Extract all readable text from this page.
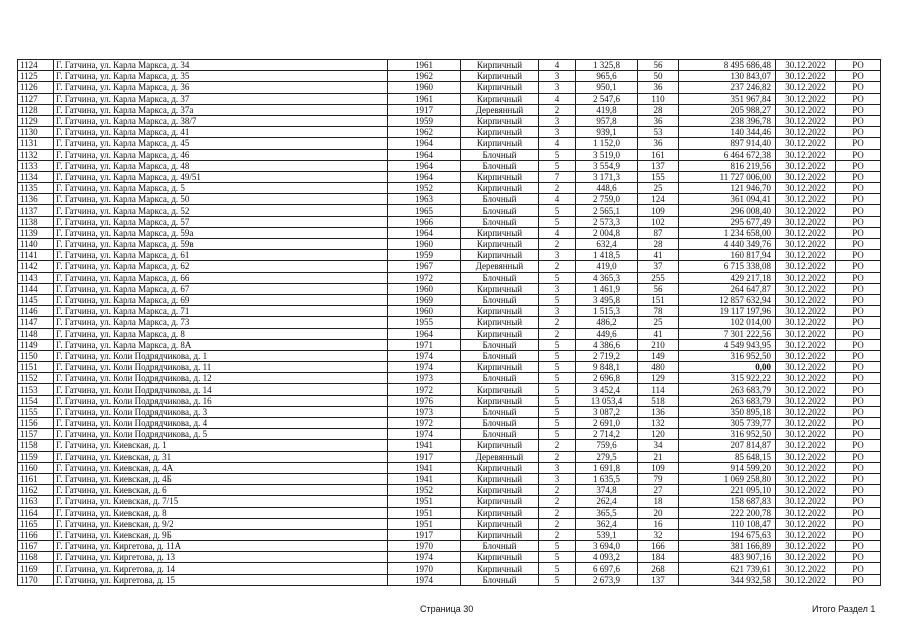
1124	Г. Гатчина, ул. Карла Маркса, д. 34	1961	Кирпичный	4	1 325,8	56	8 495 686,48	30.12.2022	РО
1125	Г. Гатчина, ул. Карла Маркса, д. 35	1962	Кирпичный	3	965,6	50	130 843,07	30.12.2022	РО
1126	Г. Гатчина, ул. Карла Маркса, д. 36	1960	Кирпичный	3	950,1	36	237 246,82	30.12.2022	РО
1127	Г. Гатчина, ул. Карла Маркса, д. 37	1961	Кирпичный	4	2 547,6	110	351 967,84	30.12.2022	РО
1128	Г. Гатчина, ул. Карла Маркса, д. 37а	1917	Деревянный	2	419,8	28	205 988,27	30.12.2022	РО
1129	Г. Гатчина, ул. Карла Маркса, д. 38/7	1959	Кирпичный	3	957,8	36	238 396,78	30.12.2022	РО
1130	Г. Гатчина, ул. Карла Маркса, д. 41	1962	Кирпичный	3	939,1	53	140 344,46	30.12.2022	РО
1131	Г. Гатчина, ул. Карла Маркса, д. 45	1964	Кирпичный	4	1 152,0	36	897 914,40	30.12.2022	РО
1132	Г. Гатчина, ул. Карла Маркса, д. 46	1964	Блочный	5	3 519,0	161	6 464 672,38	30.12.2022	РО
1133	Г. Гатчина, ул. Карла Маркса, д. 48	1964	Блочный	5	3 554,9	137	816 219,56	30.12.2022	РО
1134	Г. Гатчина, ул. Карла Маркса, д. 49/51	1964	Кирпичный	7	3 171,3	155	11 727 006,00	30.12.2022	РО
1135	Г. Гатчина, ул. Карла Маркса, д. 5	1952	Кирпичный	2	448,6	25	121 946,70	30.12.2022	РО
1136	Г. Гатчина, ул. Карла Маркса, д. 50	1963	Блочный	4	2 759,0	124	361 094,41	30.12.2022	РО
1137	Г. Гатчина, ул. Карла Маркса, д. 52	1965	Блочный	5	2 565,1	109	296 008,40	30.12.2022	РО
1138	Г. Гатчина, ул. Карла Маркса, д. 57	1966	Блочный	5	2 573,3	102	295 677,49	30.12.2022	РО
1139	Г. Гатчина, ул. Карла Маркса, д. 59а	1964	Кирпичный	4	2 004,8	87	1 234 658,00	30.12.2022	РО
1140	Г. Гатчина, ул. Карла Маркса, д. 59в	1960	Кирпичный	2	632,4	28	4 440 349,76	30.12.2022	РО
1141	Г. Гатчина, ул. Карла Маркса, д. 61	1959	Кирпичный	3	1 418,5	41	160 817,94	30.12.2022	РО
1142	Г. Гатчина, ул. Карла Маркса, д. 62	1967	Деревянный	2	419,0	37	6 715 338,08	30.12.2022	РО
1143	Г. Гатчина, ул. Карла Маркса, д. 66	1972	Блочный	5	4 365,3	255	429 217,18	30.12.2022	РО
1144	Г. Гатчина, ул. Карла Маркса, д. 67	1960	Кирпичный	3	1 461,9	56	264 647,87	30.12.2022	РО
1145	Г. Гатчина, ул. Карла Маркса, д. 69	1969	Блочный	5	3 495,8	151	12 857 632,94	30.12.2022	РО
1146	Г. Гатчина, ул. Карла Маркса, д. 71	1960	Кирпичный	3	1 515,3	78	19 117 197,96	30.12.2022	РО
1147	Г. Гатчина, ул. Карла Маркса, д. 73	1955	Кирпичный	2	486,2	25	102 014,00	30.12.2022	РО
1148	Г. Гатчина, ул. Карла Маркса, д. 8	1964	Кирпичный	2	449,6	41	7 301 222,56	30.12.2022	РО
1149	Г. Гатчина, ул. Карла Маркса, д. 8А	1971	Блочный	5	4 386,6	210	4 549 943,95	30.12.2022	РО
1150	Г. Гатчина, ул. Коли Подрядчикова, д. 1	1974	Блочный	5	2 719,2	149	316 952,50	30.12.2022	РО
1151	Г. Гатчина, ул. Коли Подрядчикова, д. 11	1974	Кирпичный	5	9 848,1	480	0,00	30.12.2022	РО
1152	Г. Гатчина, ул. Коли Подрядчикова, д. 12	1973	Блочный	5	2 696,8	129	315 922,22	30.12.2022	РО
1153	Г. Гатчина, ул. Коли Подрядчикова, д. 14	1972	Кирпичный	5	3 452,4	114	263 683,79	30.12.2022	РО
1154	Г. Гатчина, ул. Коли Подрядчикова, д. 16	1976	Кирпичный	5	13 053,4	518	263 683,79	30.12.2022	РО
1155	Г. Гатчина, ул. Коли Подрядчикова, д. 3	1973	Блочный	5	3 087,2	136	350 895,18	30.12.2022	РО
1156	Г. Гатчина, ул. Коли Подрядчикова, д. 4	1972	Блочный	5	2 691,0	132	305 739,77	30.12.2022	РО
1157	Г. Гатчина, ул. Коли Подрядчикова, д. 5	1974	Блочный	5	2 714,2	120	316 952,50	30.12.2022	РО
1158	Г. Гатчина, ул. Киевская, д. 1	1941	Кирпичный	2	759,6	34	207 814,87	30.12.2022	РО
1159	Г. Гатчина, ул. Киевская, д. 31	1917	Деревянный	2	279,5	21	85 648,15	30.12.2022	РО
1160	Г. Гатчина, ул. Киевская, д. 4А	1941	Кирпичный	3	1 691,8	109	914 599,20	30.12.2022	РО
1161	Г. Гатчина, ул. Киевская, д. 4Б	1941	Кирпичный	3	1 635,5	79	1 069 258,80	30.12.2022	РО
1162	Г. Гатчина, ул. Киевская, д. 6	1952	Кирпичный	2	374,8	27	221 095,10	30.12.2022	РО
1163	Г. Гатчина, ул. Киевская, д. 7/15	1951	Кирпичный	2	262,4	18	158 687,83	30.12.2022	РО
1164	Г. Гатчина, ул. Киевская, д. 8	1951	Кирпичный	2	365,5	20	222 200,78	30.12.2022	РО
1165	Г. Гатчина, ул. Киевская, д. 9/2	1951	Кирпичный	2	362,4	16	110 108,47	30.12.2022	РО
1166	Г. Гатчина, ул. Киевская, д. 9Б	1917	Кирпичный	2	539,1	32	194 675,63	30.12.2022	РО
1167	Г. Гатчина, ул. Киргетова, д. 11А	1970	Блочный	5	3 694,0	166	381 166,89	30.12.2022	РО
1168	Г. Гатчина, ул. Киргетова, д. 13	1974	Кирпичный	5	4 093,2	184	483 907,16	30.12.2022	РО
1169	Г. Гатчина, ул. Киргетова, д. 14	1970	Кирпичный	5	6 697,6	268	621 739,61	30.12.2022	РО
1170	Г. Гатчина, ул. Киргетова, д. 15	1974	Блочный	5	2 673,9	137	344 932,58	30.12.2022	РО
Страница 30	Итого Раздел 1
